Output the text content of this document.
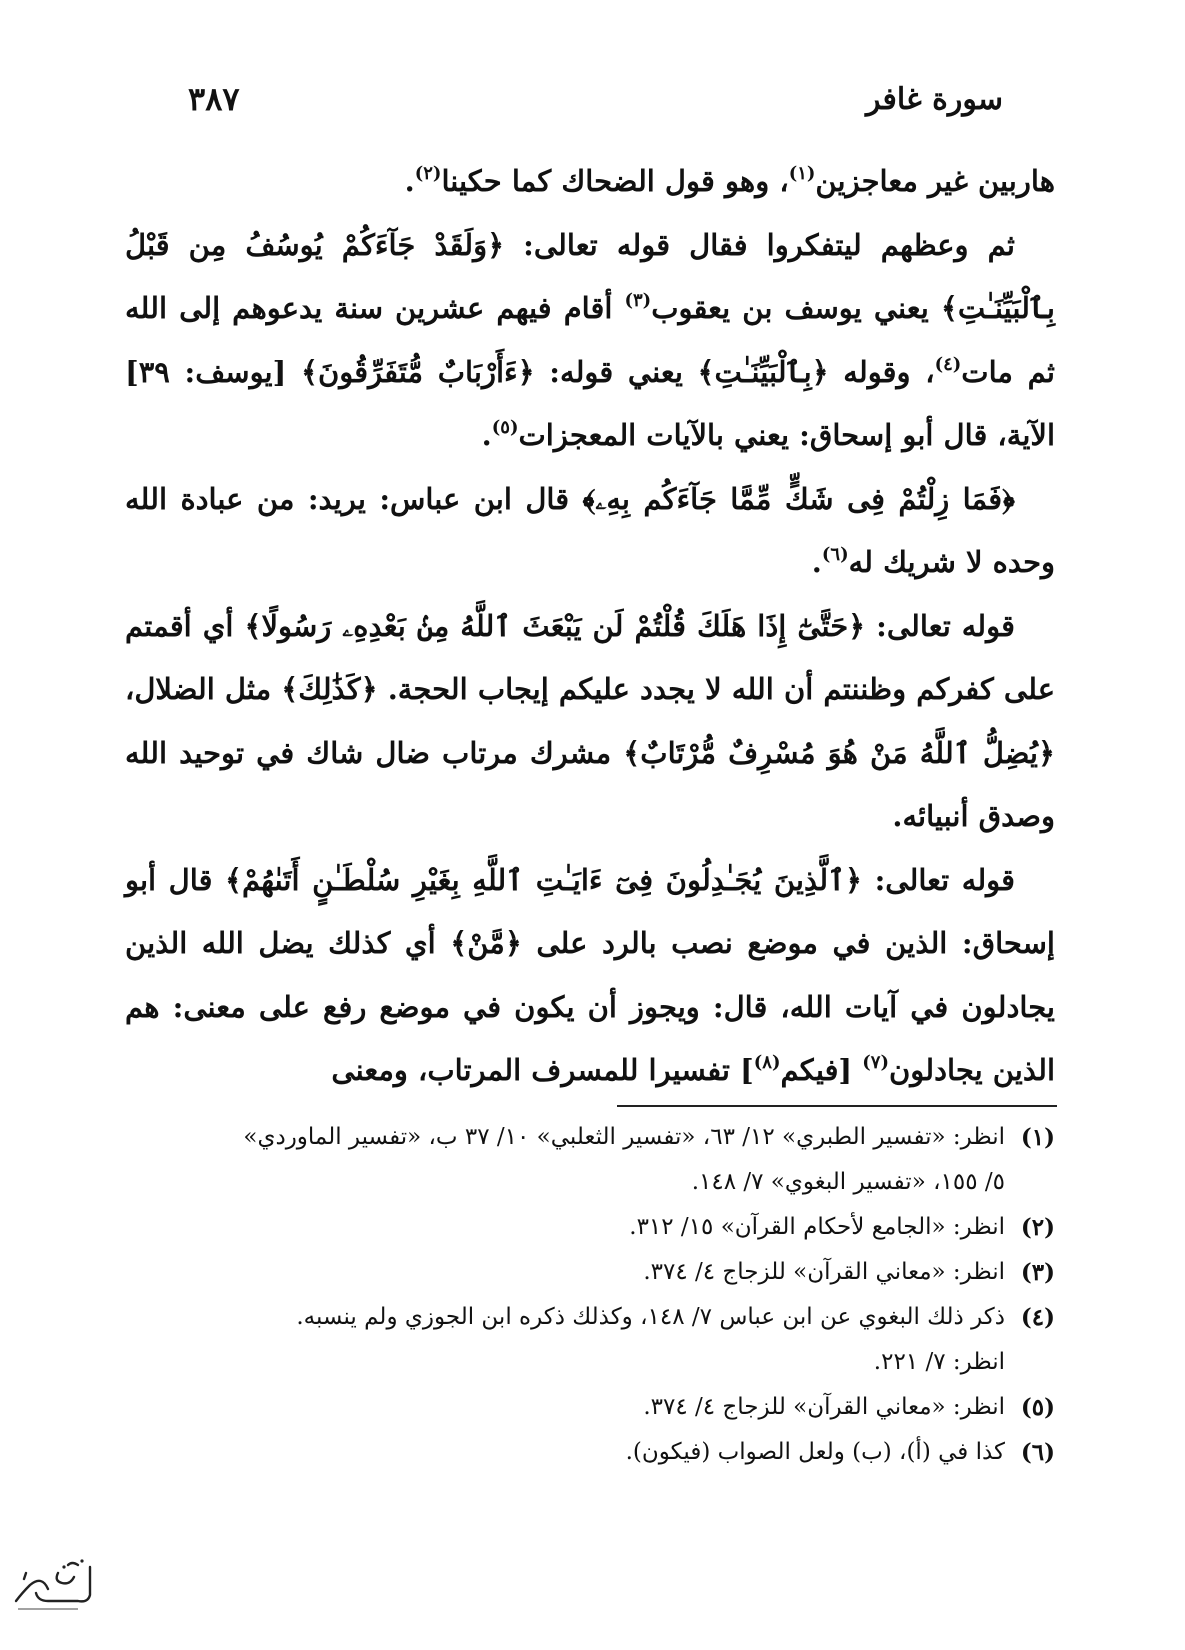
سورة غافر
٣٨٧

هاربين غير معاجزين$^{(١)}$، وهو قول الضحاك كما حكينا$^{(٢)}$.

ثم وعظهم ليتفكروا فقال قوله تعالى: ﴿وَلَقَدْ جَآءَكُمْ يُوسُفُ مِن قَبْلُ بِٱلْبَيِّنَـٰتِ﴾ يعني يوسف بن يعقوب$^{(٣)}$ أقام فيهم عشرين سنة يدعوهم إلى الله ثم مات$^{(٤)}$، وقوله ﴿بِٱلْبَيِّنَـٰتِ﴾ يعني قوله: ﴿ءَأَرْبَابٌ مُّتَفَرِّقُونَ﴾ [يوسف: ٣٩] الآية، قال أبو إسحاق: يعني بالآيات المعجزات$^{(٥)}$.

﴿فَمَا زِلْتُمْ فِى شَكٍّ مِّمَّا جَآءَكُم بِهِۦ﴾ قال ابن عباس: يريد: من عبادة الله وحده لا شريك له$^{(٦)}$.

قوله تعالى: ﴿حَتَّىٰٓ إِذَا هَلَكَ قُلْتُمْ لَن يَبْعَثَ ٱللَّهُ مِنۢ بَعْدِهِۦ رَسُولًا﴾ أي أقمتم على كفركم وظننتم أن الله لا يجدد عليكم إيجاب الحجة. ﴿كَذَٰلِكَ﴾ مثل الضلال، ﴿يُضِلُّ ٱللَّهُ مَنْ هُوَ مُسْرِفٌ مُّرْتَابٌ﴾ مشرك مرتاب ضال شاك في توحيد الله وصدق أنبيائه.

قوله تعالى: ﴿ٱلَّذِينَ يُجَـٰدِلُونَ فِىٓ ءَايَـٰتِ ٱللَّهِ بِغَيْرِ سُلْطَـٰنٍ أَتَىٰهُمْ﴾ قال أبو إسحاق: الذين في موضع نصب بالرد على ﴿مَّنْ﴾ أي كذلك يضل الله الذين يجادلون في آيات الله، قال: ويجوز أن يكون في موضع رفع على معنى: هم الذين يجادلون$^{(٧)}$ [فيكم$^{(٨)}$] تفسيرا للمسرف المرتاب، ومعنى

(١)
انظر: «تفسير الطبري» ١٢/ ٦٣، «تفسير الثعلبي» ١٠/ ٣٧ ب، «تفسير الماوردي»
٥/ ١٥٥، «تفسير البغوي» ٧/ ١٤٨.
(٢)
انظر: «الجامع لأحكام القرآن» ١٥/ ٣١٢.
(٣)
انظر: «معاني القرآن» للزجاج ٤/ ٣٧٤.
(٤)
ذكر ذلك البغوي عن ابن عباس ٧/ ١٤٨، وكذلك ذكره ابن الجوزي ولم ينسبه.
انظر: ٧/ ٢٢١.
(٥)
انظر: «معاني القرآن» للزجاج ٤/ ٣٧٤.
(٦)
كذا في (أ)، (ب) ولعل الصواب (فيكون).
